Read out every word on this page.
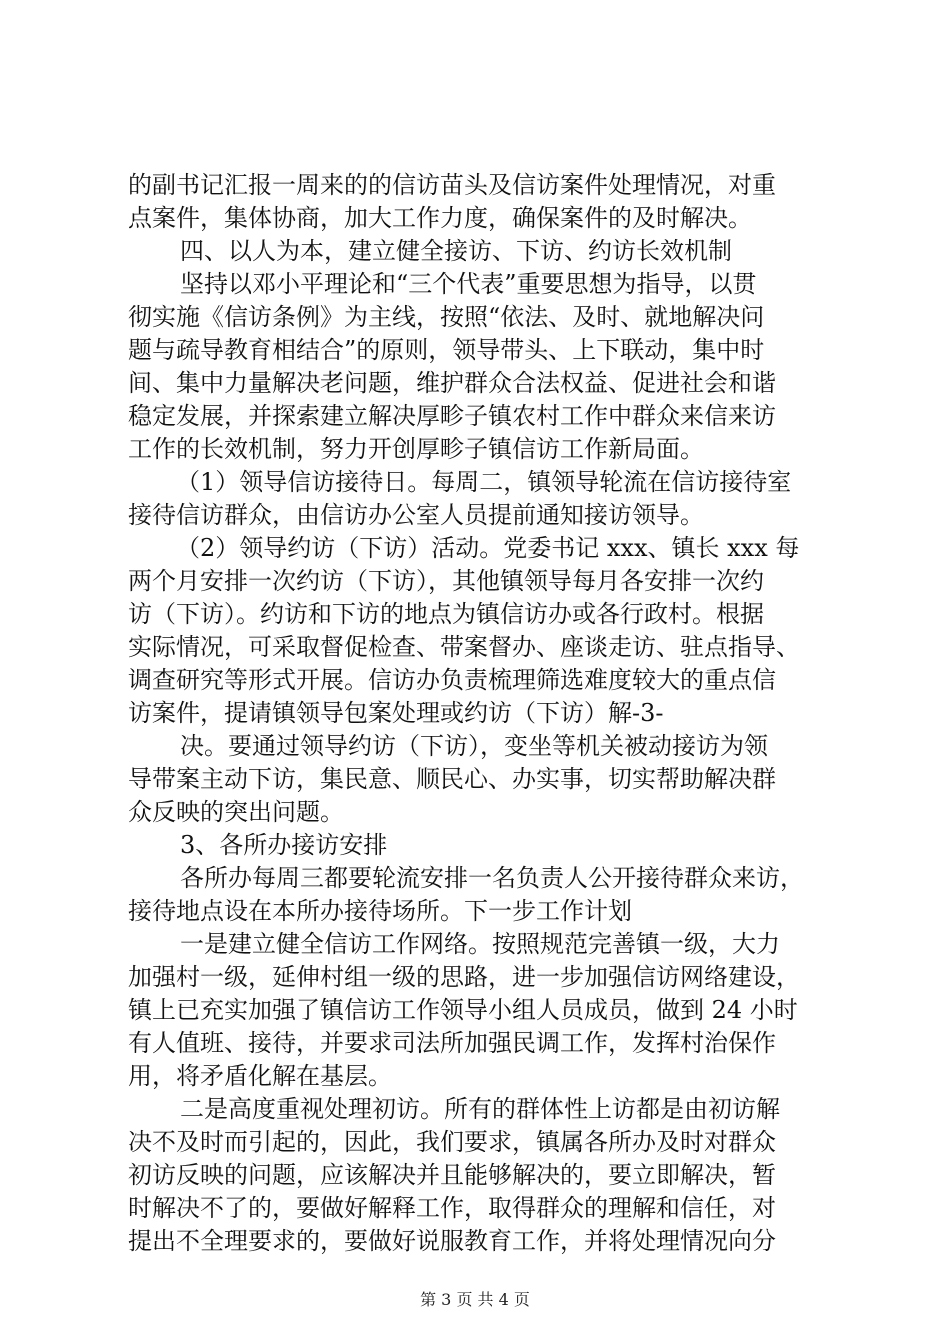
的副书记汇报一周来的的信访苗头及信访案件处理情况，对重
点案件，集体协商，加大工作力度，确保案件的及时解决。
四、以人为本，建立健全接访、下访、约访长效机制
坚持以邓小平理论和“三个代表”重要思想为指导，以贯
彻实施《信访条例》为主线，按照“依法、及时、就地解决问
题与疏导教育相结合”的原则，领导带头、上下联动，集中时
间、集中力量解决老问题，维护群众合法权益、促进社会和谐
稳定发展，并探索建立解决厚畛子镇农村工作中群众来信来访
工作的长效机制，努力开创厚畛子镇信访工作新局面。
（1）领导信访接待日。每周二，镇领导轮流在信访接待室
接待信访群众，由信访办公室人员提前通知接访领导。
（2）领导约访（下访）活动。党委书记 xxx、镇长 xxx 每
两个月安排一次约访（下访），其他镇领导每月各安排一次约
访（下访）。约访和下访的地点为镇信访办或各行政村。根据
实际情况，可采取督促检查、带案督办、座谈走访、驻点指导、
调查研究等形式开展。信访办负责梳理筛选难度较大的重点信
访案件，提请镇领导包案处理或约访（下访）解-3-
决。要通过领导约访（下访），变坐等机关被动接访为领
导带案主动下访，集民意、顺民心、办实事，切实帮助解决群
众反映的突出问题。
3、各所办接访安排
各所办每周三都要轮流安排一名负责人公开接待群众来访，
接待地点设在本所办接待场所。下一步工作计划
一是建立健全信访工作网络。按照规范完善镇一级，大力
加强村一级，延伸村组一级的思路，进一步加强信访网络建设，
镇上已充实加强了镇信访工作领导小组人员成员，做到 24 小时
有人值班、接待，并要求司法所加强民调工作，发挥村治保作
用，将矛盾化解在基层。
二是高度重视处理初访。所有的群体性上访都是由初访解
决不及时而引起的，因此，我们要求，镇属各所办及时对群众
初访反映的问题，应该解决并且能够解决的，要立即解决，暂
时解决不了的，要做好解释工作，取得群众的理解和信任，对
提出不全理要求的，要做好说服教育工作，并将处理情况向分
第 3 页 共 4 页
